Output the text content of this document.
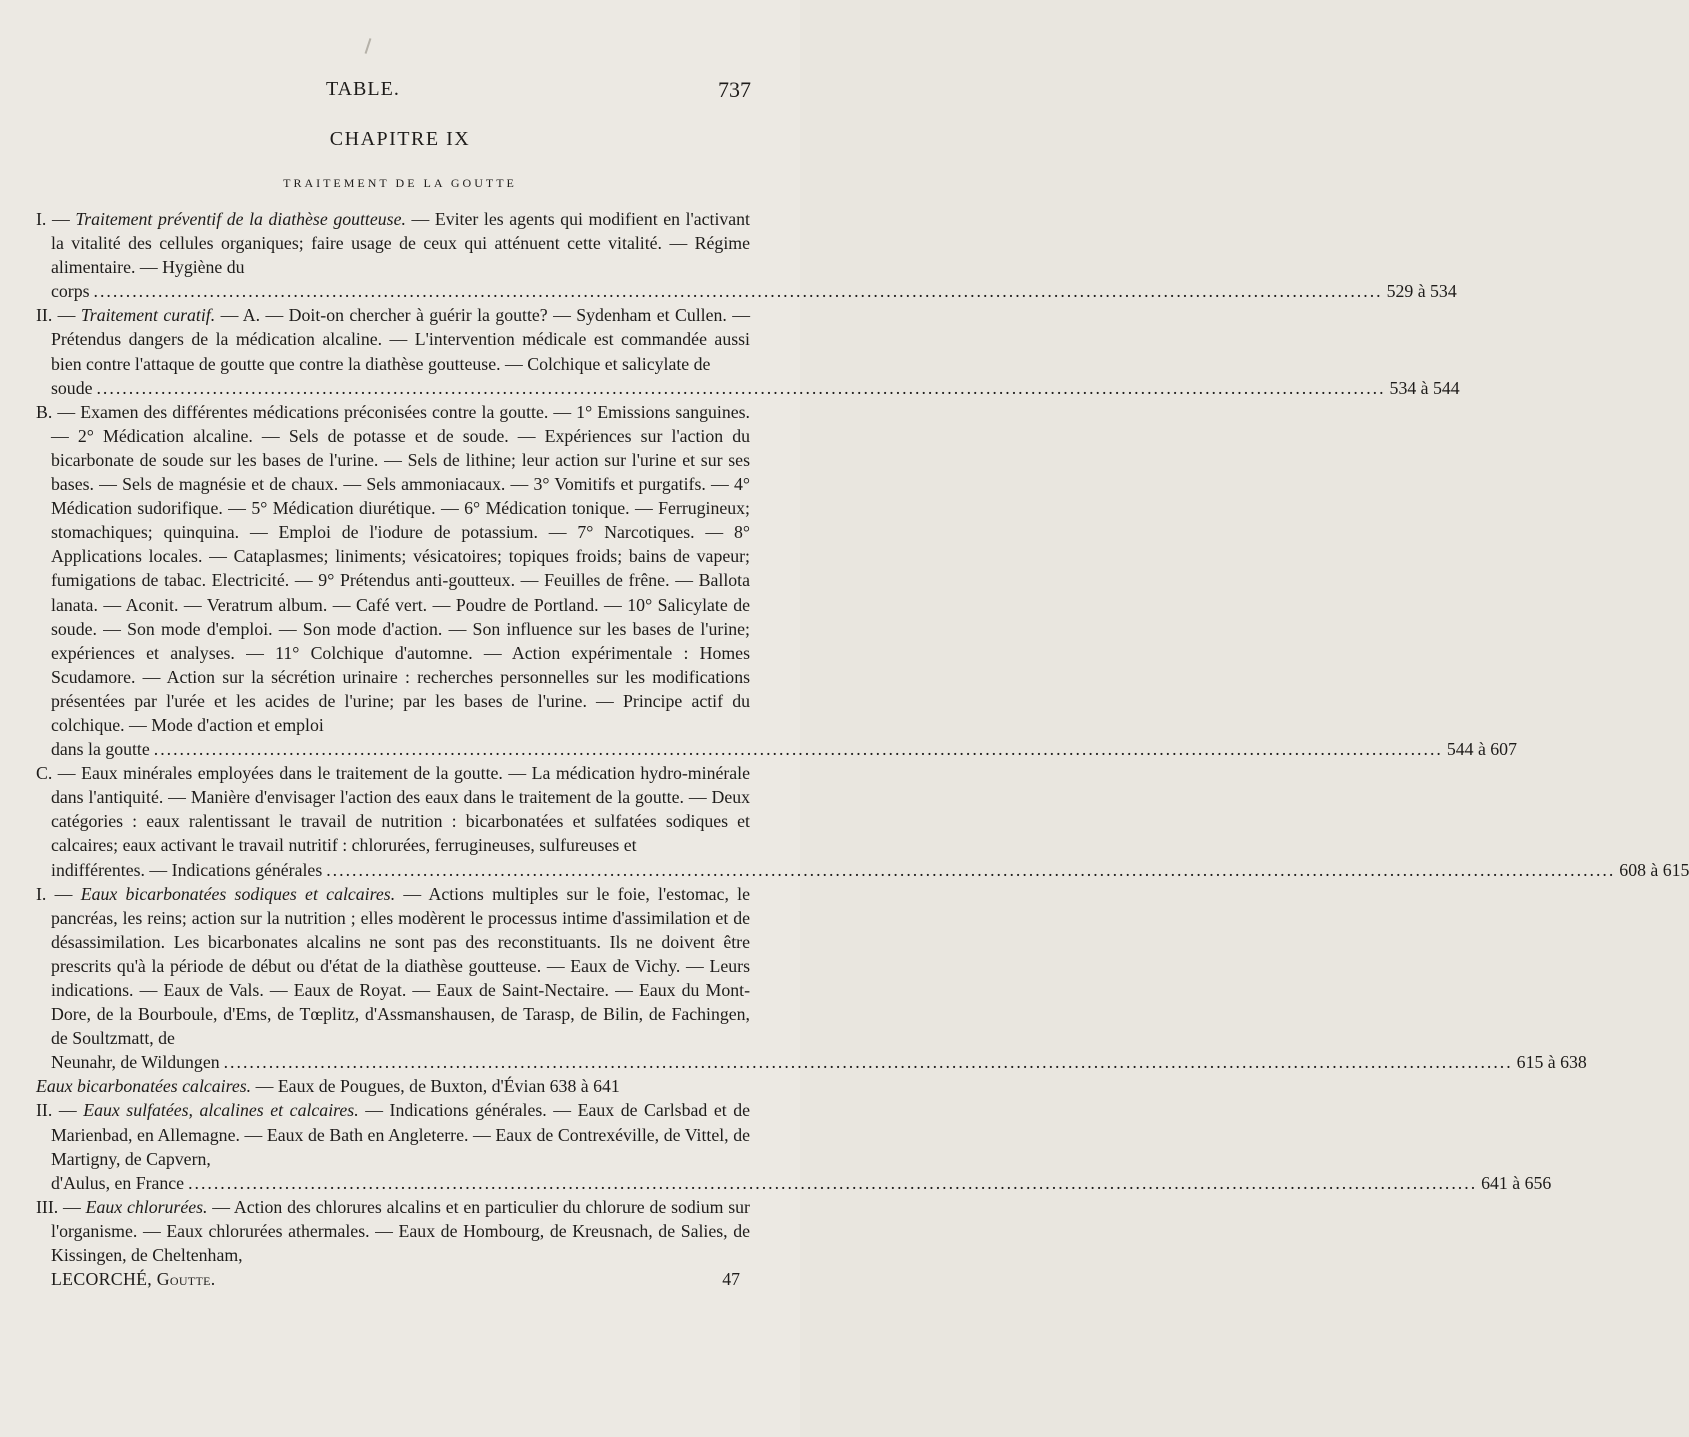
TABLE.	737
CHAPITRE IX
TRAITEMENT DE LA GOUTTE

I. — Traitement préventif de la diathèse goutteuse. — Eviter les agents qui modifient en l'activant la vitalité des cellules organiques; faire usage de ceux qui atténuent cette vitalité. — Régime alimentaire. — Hygiène du

corps ........................................................................................................................................................................................................ 529 à 534

II. — Traitement curatif. — A. — Doit-on chercher à guérir la goutte? — Sydenham et Cullen. — Prétendus dangers de la médication alcaline. — L'intervention médicale est commandée aussi bien contre l'attaque de goutte que contre la diathèse goutteuse. — Colchique et salicylate de

soude ........................................................................................................................................................................................................ 534 à 544

B. — Examen des différentes médications préconisées contre la goutte. — 1° Emissions sanguines. — 2° Médication alcaline. — Sels de potasse et de soude. — Expériences sur l'action du bicarbonate de soude sur les bases de l'urine. — Sels de lithine; leur action sur l'urine et sur ses bases. — Sels de magnésie et de chaux. — Sels ammoniacaux. — 3° Vomitifs et purgatifs. — 4° Médication sudorifique. — 5° Médication diurétique. — 6° Médication tonique. — Ferrugineux; stomachiques; quinquina. — Emploi de l'iodure de potassium. — 7° Narcotiques. — 8° Applications locales. — Cataplasmes; liniments; vésicatoires; topiques froids; bains de vapeur; fumigations de tabac. Electricité. — 9° Prétendus anti-goutteux. — Feuilles de frêne. — Ballota lanata. — Aconit. — Veratrum album. — Café vert. — Poudre de Portland. — 10° Salicylate de soude. — Son mode d'emploi. — Son mode d'action. — Son influence sur les bases de l'urine; expériences et analyses. — 11° Colchique d'automne. — Action expérimentale : Homes Scudamore. — Action sur la sécrétion urinaire : recherches personnelles sur les modifications présentées par l'urée et les acides de l'urine; par les bases de l'urine. — Principe actif du colchique. — Mode d'action et emploi

dans la goutte ........................................................................................................................................................................................................ 544 à 607

C. — Eaux minérales employées dans le traitement de la goutte. — La médication hydro-minérale dans l'antiquité. — Manière d'envisager l'action des eaux dans le traitement de la goutte. — Deux catégories : eaux ralentissant le travail de nutrition : bicarbonatées et sulfatées sodiques et calcaires; eaux activant le travail nutritif : chlorurées, ferrugineuses, sulfureuses et

indifférentes. — Indications générales ........................................................................................................................................................................................................ 608 à 615

I. — Eaux bicarbonatées sodiques et calcaires. — Actions multiples sur le foie, l'estomac, le pancréas, les reins; action sur la nutrition ; elles modèrent le processus intime d'assimilation et de désassimilation. Les bicarbonates alcalins ne sont pas des reconstituants. Ils ne doivent être prescrits qu'à la période de début ou d'état de la diathèse goutteuse. — Eaux de Vichy. — Leurs indications. — Eaux de Vals. — Eaux de Royat. — Eaux de Saint-Nectaire. — Eaux du Mont-Dore, de la Bourboule, d'Ems, de Tœplitz, d'Assmanshausen, de Tarasp, de Bilin, de Fachingen, de Soultzmatt, de

Neunahr, de Wildungen ........................................................................................................................................................................................................ 615 à 638

Eaux bicarbonatées calcaires. — Eaux de Pougues, de Buxton, d'Évian 638 à 641

II. — Eaux sulfatées, alcalines et calcaires. — Indications générales. — Eaux de Carlsbad et de Marienbad, en Allemagne. — Eaux de Bath en Angleterre. — Eaux de Contrexéville, de Vittel, de Martigny, de Capvern,

d'Aulus, en France ........................................................................................................................................................................................................ 641 à 656

III. — Eaux chlorurées. — Action des chlorures alcalins et en particulier du chlorure de sodium sur l'organisme. — Eaux chlorurées athermales. — Eaux de Hombourg, de Kreusnach, de Salies, de Kissingen, de Cheltenham,

LECORCHÉ, Goutte.	47
